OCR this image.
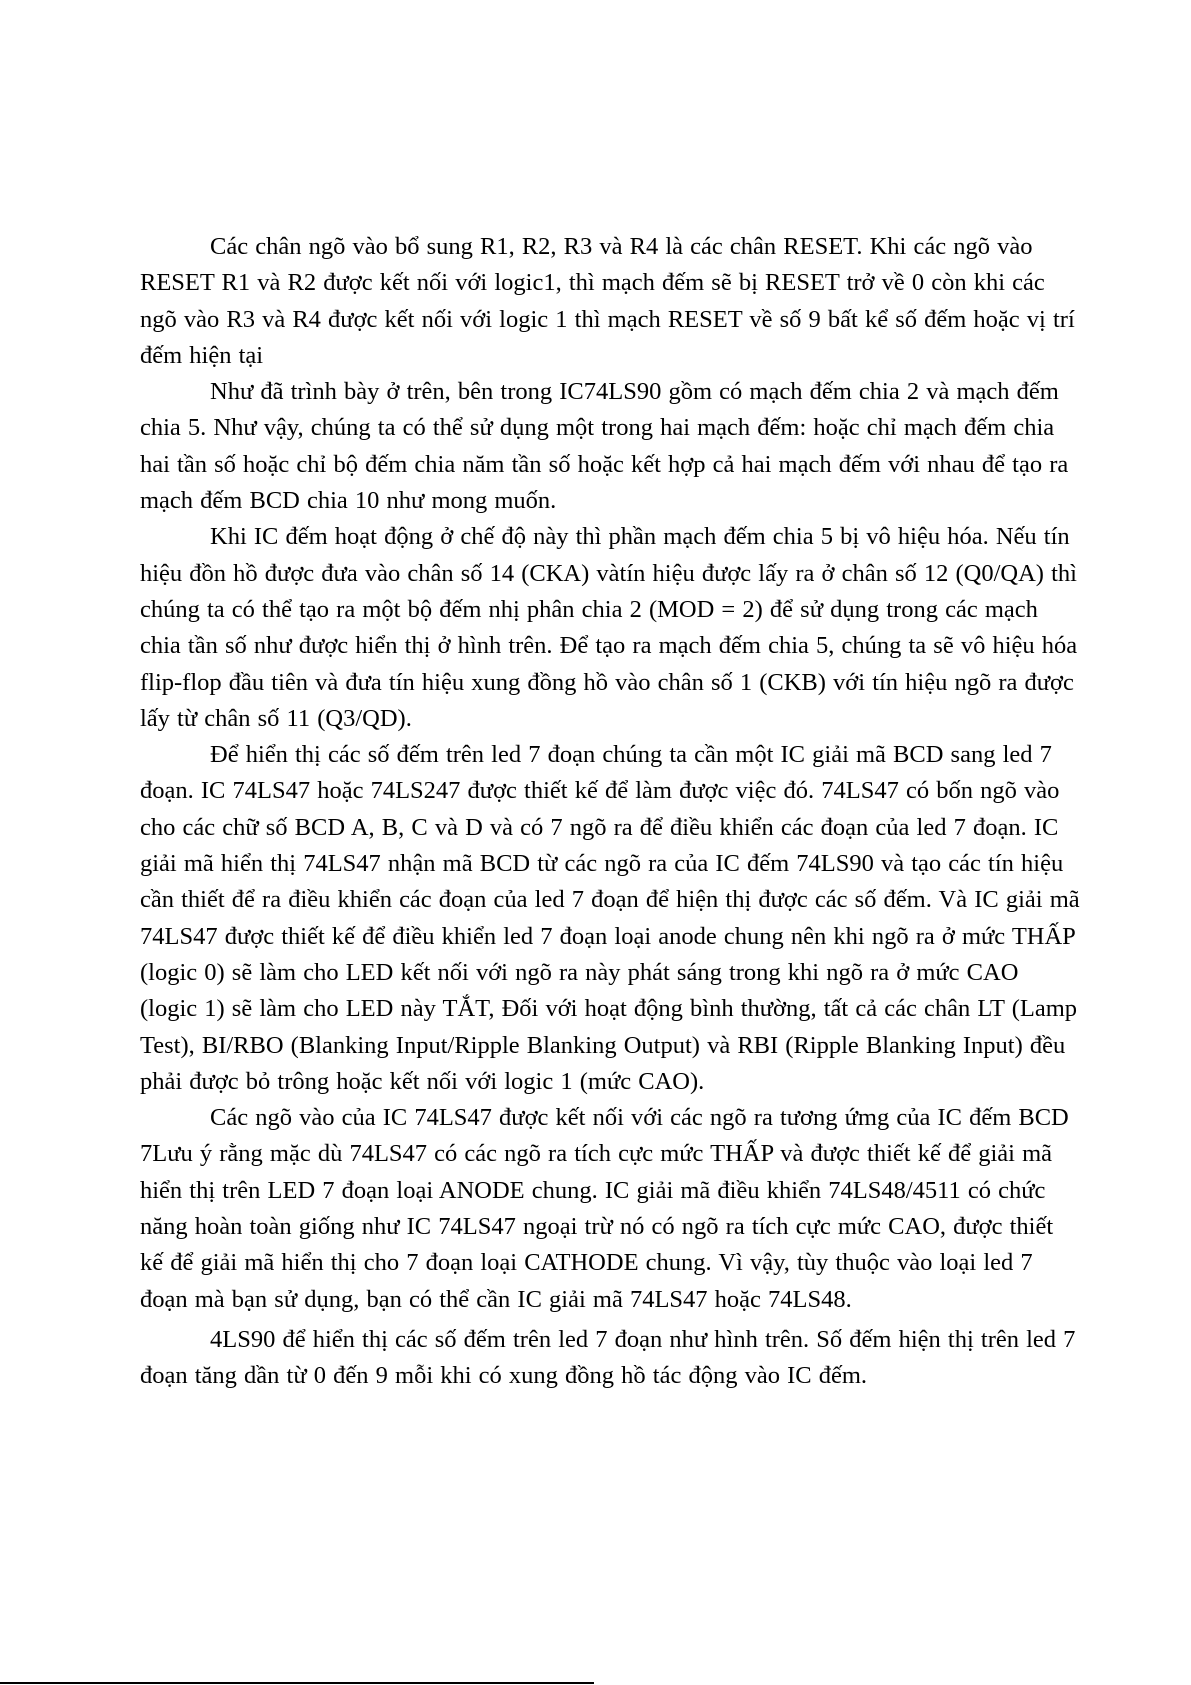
Các chân ngõ vào bổ sung R1, R2, R3 và R4 là các chân RESET. Khi các ngõ vào RESET R1 và R2 được kết nối với logic1, thì mạch đếm sẽ bị RESET trở về 0 còn khi các ngõ vào R3 và R4 được kết nối với logic 1 thì mạch RESET về số 9 bất kể số đếm hoặc vị trí đếm hiện tại

Như đã trình bày ở trên, bên trong IC74LS90 gồm có mạch đếm chia 2 và mạch đếm chia 5. Như vậy, chúng ta có thể sử dụng một trong hai mạch đếm: hoặc chỉ mạch đếm chia hai tần số hoặc chỉ bộ đếm chia năm tần số hoặc kết hợp cả hai mạch đếm với nhau để tạo ra mạch đếm BCD chia 10 như mong muốn.

Khi IC đếm hoạt động ở chế độ này thì phần mạch đếm chia 5 bị vô hiệu hóa. Nếu tín hiệu đồn hồ được đưa vào chân số 14 (CKA) vàtín hiệu được lấy ra ở chân số 12 (Q0/QA) thì chúng ta có thể tạo ra một bộ đếm nhị phân chia 2 (MOD = 2) để sử dụng trong các mạch chia tần số như được hiển thị ở hình trên. Để tạo ra mạch đếm chia 5, chúng ta sẽ vô hiệu hóa flip-flop đầu tiên và đưa tín hiệu xung đồng hồ vào chân số 1 (CKB) với tín hiệu ngõ ra được lấy từ chân số 11 (Q3/QD).

Để hiển thị các số đếm trên led 7 đoạn chúng ta cần một IC giải mã BCD sang led 7 đoạn. IC 74LS47 hoặc 74LS247 được thiết kế để làm được việc đó. 74LS47 có bốn ngõ vào cho các chữ số BCD A, B, C và D và có 7 ngõ ra để điều khiển các đoạn của led 7 đoạn. IC giải mã hiển thị 74LS47 nhận mã BCD từ các ngõ ra của IC đếm 74LS90 và tạo các tín hiệu cần thiết để ra điều khiển các đoạn của led 7 đoạn để hiện thị được các số đếm. Và IC giải mã 74LS47 được thiết kế để điều khiển led 7 đoạn loại anode chung nên khi ngõ ra ở mức THẤP (logic 0) sẽ làm cho LED kết nối với ngõ ra này phát sáng trong khi ngõ ra ở mức CAO (logic 1) sẽ làm cho LED này TẮT, Đối với hoạt động bình thường, tất cả các chân LT (Lamp Test), BI/RBO (Blanking Input/Ripple Blanking Output) và RBI (Ripple Blanking Input) đều phải được bỏ trông hoặc kết nối với logic 1 (mức CAO).

Các ngõ vào của IC 74LS47 được kết nối với các ngõ ra tương ứmg của IC đếm BCD 7Lưu ý rằng mặc dù 74LS47 có các ngõ ra tích cực mức THẤP và được thiết kế để giải mã hiển thị trên LED 7 đoạn loại ANODE chung. IC giải mã điều khiển 74LS48/4511 có chức năng hoàn toàn giống như IC 74LS47 ngoại trừ nó có ngõ ra tích cực mức CAO, được thiết kế để giải mã hiển thị cho 7 đoạn loại CATHODE chung. Vì vậy, tùy thuộc vào loại led 7 đoạn mà bạn sử dụng, bạn có thể cần IC giải mã 74LS47 hoặc 74LS48.

4LS90 để hiển thị các số đếm trên led 7 đoạn như hình trên. Số đếm hiện thị trên led 7 đoạn tăng dần từ 0 đến 9 mỗi khi có xung đồng hồ tác động vào IC đếm.
